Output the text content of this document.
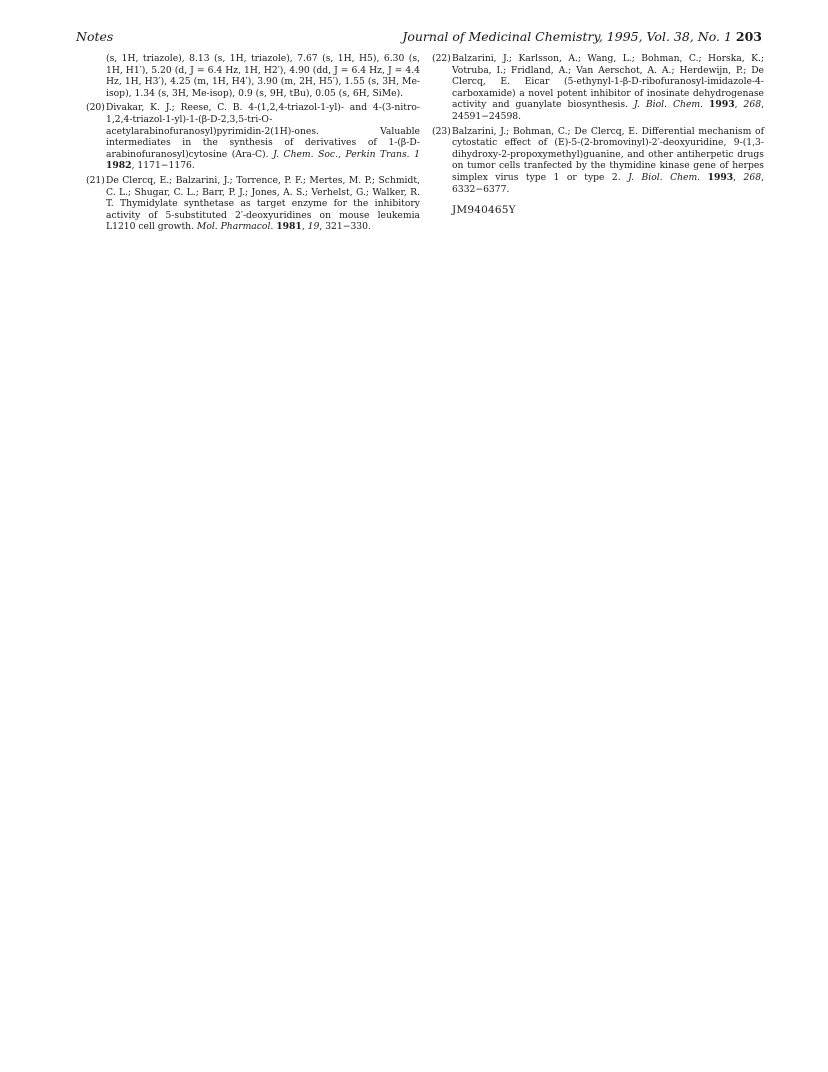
Notes	Journal of Medicinal Chemistry, 1995, Vol. 38, No. 1 203

(s, 1H, triazole), 8.13 (s, 1H, triazole), 7.67 (s, 1H, H5), 6.30 (s, 1H, H1′), 5.20 (d, J = 6.4 Hz, 1H, H2′), 4.90 (dd, J = 6.4 Hz, J = 4.4 Hz, 1H, H3′), 4.25 (m, 1H, H4′), 3.90 (m, 2H, H5′), 1.55 (s, 3H, Me-isop), 1.34 (s, 3H, Me-isop), 0.9 (s, 9H, tBu), 0.05 (s, 6H, SiMe).

(20) Divakar, K. J.; Reese, C. B. 4-(1,2,4-triazol-1-yl)- and 4-(3-nitro-1,2,4-triazol-1-yl)-1-(β-D-2,3,5-tri-O-acetylarabinofuranosyl)pyrimidin-2(1H)-ones. Valuable intermediates in the synthesis of derivatives of 1-(β-D-arabinofuranosyl)cytosine (Ara-C). J. Chem. Soc., Perkin Trans. 1 1982, 1171−1176.

(21) De Clercq, E.; Balzarini, J.; Torrence, P. F.; Mertes, M. P.; Schmidt, C. L.; Shugar, C. L.; Barr, P. J.; Jones, A. S.; Verhelst, G.; Walker, R. T. Thymidylate synthetase as target enzyme for the inhibitory activity of 5-substituted 2′-deoxyuridines on mouse leukemia L1210 cell growth. Mol. Pharmacol. 1981, 19, 321−330.

(22) Balzarini, J.; Karlsson, A.; Wang, L.; Bohman, C.; Horska, K.; Votruba, I.; Fridland, A.; Van Aerschot, A. A.; Herdewijn, P.; De Clercq, E. Eicar (5-ethynyl-1-β-D-ribofuranosyl-imidazole-4-carboxamide) a novel potent inhibitor of inosinate dehydrogenase activity and guanylate biosynthesis. J. Biol. Chem. 1993, 268, 24591−24598.

(23) Balzarini, J.; Bohman, C.; De Clercq, E. Differential mechanism of cytostatic effect of (E)-5-(2-bromovinyl)-2′-deoxyuridine, 9-(1,3-dihydroxy-2-propoxymethyl)guanine, and other antiherpetic drugs on tumor cells tranfected by the thymidine kinase gene of herpes simplex virus type 1 or type 2. J. Biol. Chem. 1993, 268, 6332−6377.

JM940465Y
